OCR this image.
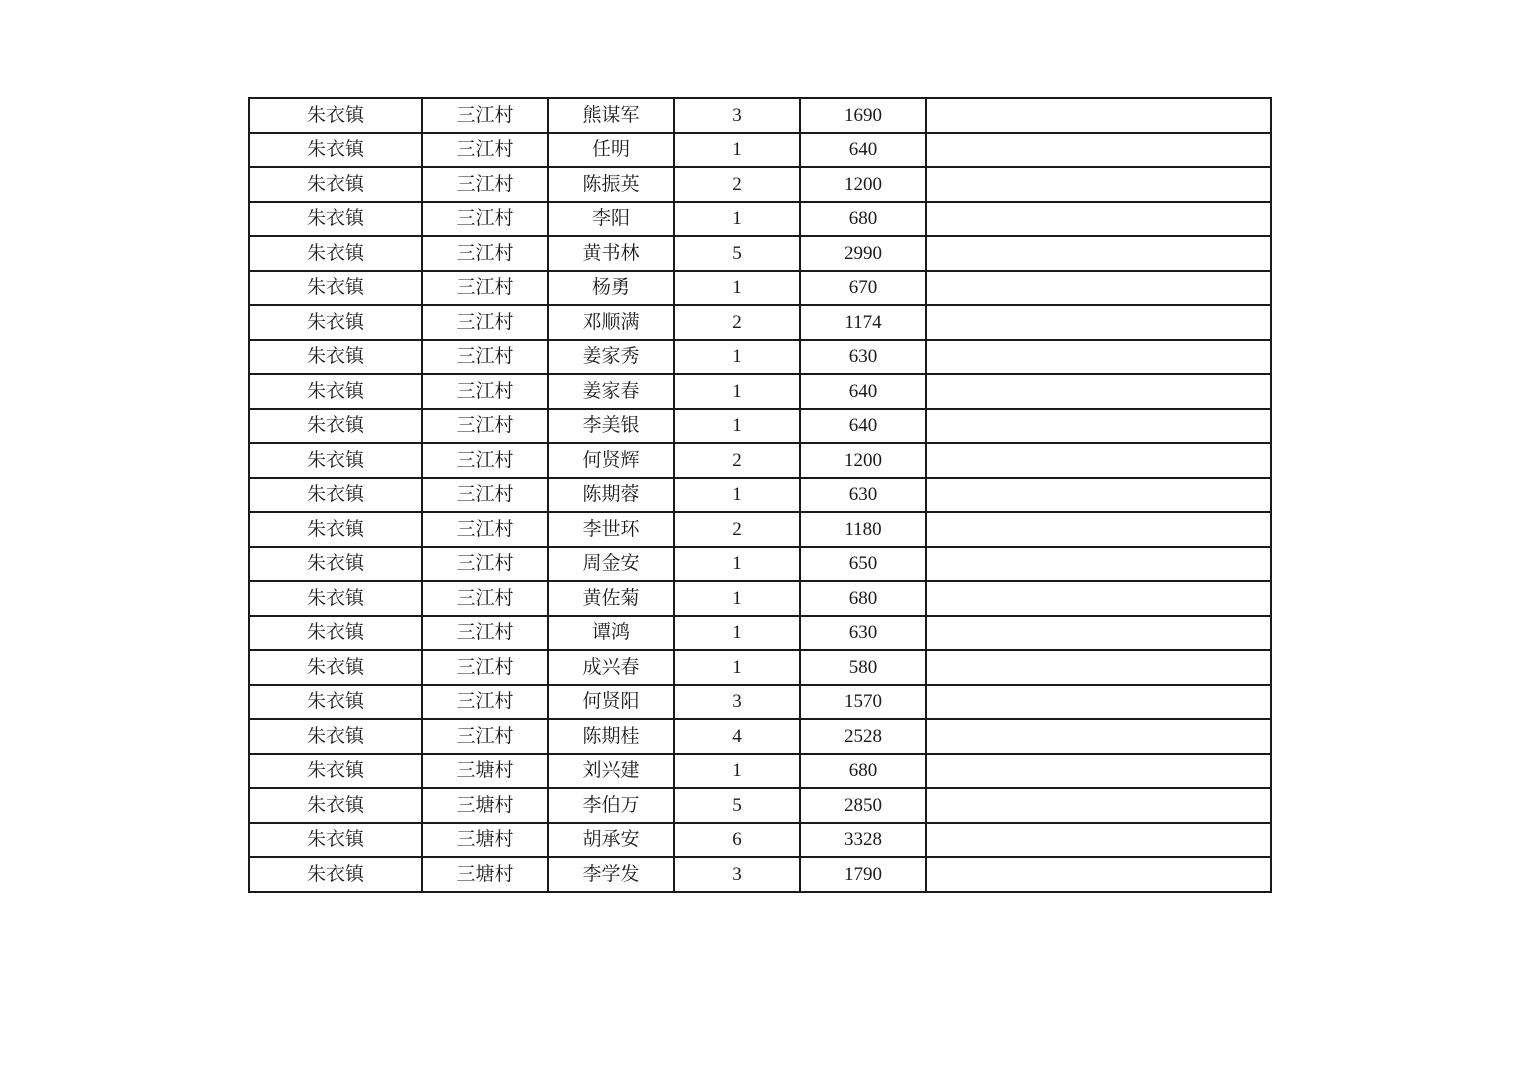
朱衣镇	三江村	熊谋军	3	1690	
朱衣镇	三江村	任明	1	640	
朱衣镇	三江村	陈振英	2	1200	
朱衣镇	三江村	李阳	1	680	
朱衣镇	三江村	黄书林	5	2990	
朱衣镇	三江村	杨勇	1	670	
朱衣镇	三江村	邓顺满	2	1174	
朱衣镇	三江村	姜家秀	1	630	
朱衣镇	三江村	姜家春	1	640	
朱衣镇	三江村	李美银	1	640	
朱衣镇	三江村	何贤辉	2	1200	
朱衣镇	三江村	陈期蓉	1	630	
朱衣镇	三江村	李世环	2	1180	
朱衣镇	三江村	周金安	1	650	
朱衣镇	三江村	黄佐菊	1	680	
朱衣镇	三江村	谭鸿	1	630	
朱衣镇	三江村	成兴春	1	580	
朱衣镇	三江村	何贤阳	3	1570	
朱衣镇	三江村	陈期桂	4	2528	
朱衣镇	三塘村	刘兴建	1	680	
朱衣镇	三塘村	李伯万	5	2850	
朱衣镇	三塘村	胡承安	6	3328	
朱衣镇	三塘村	李学发	3	1790	
